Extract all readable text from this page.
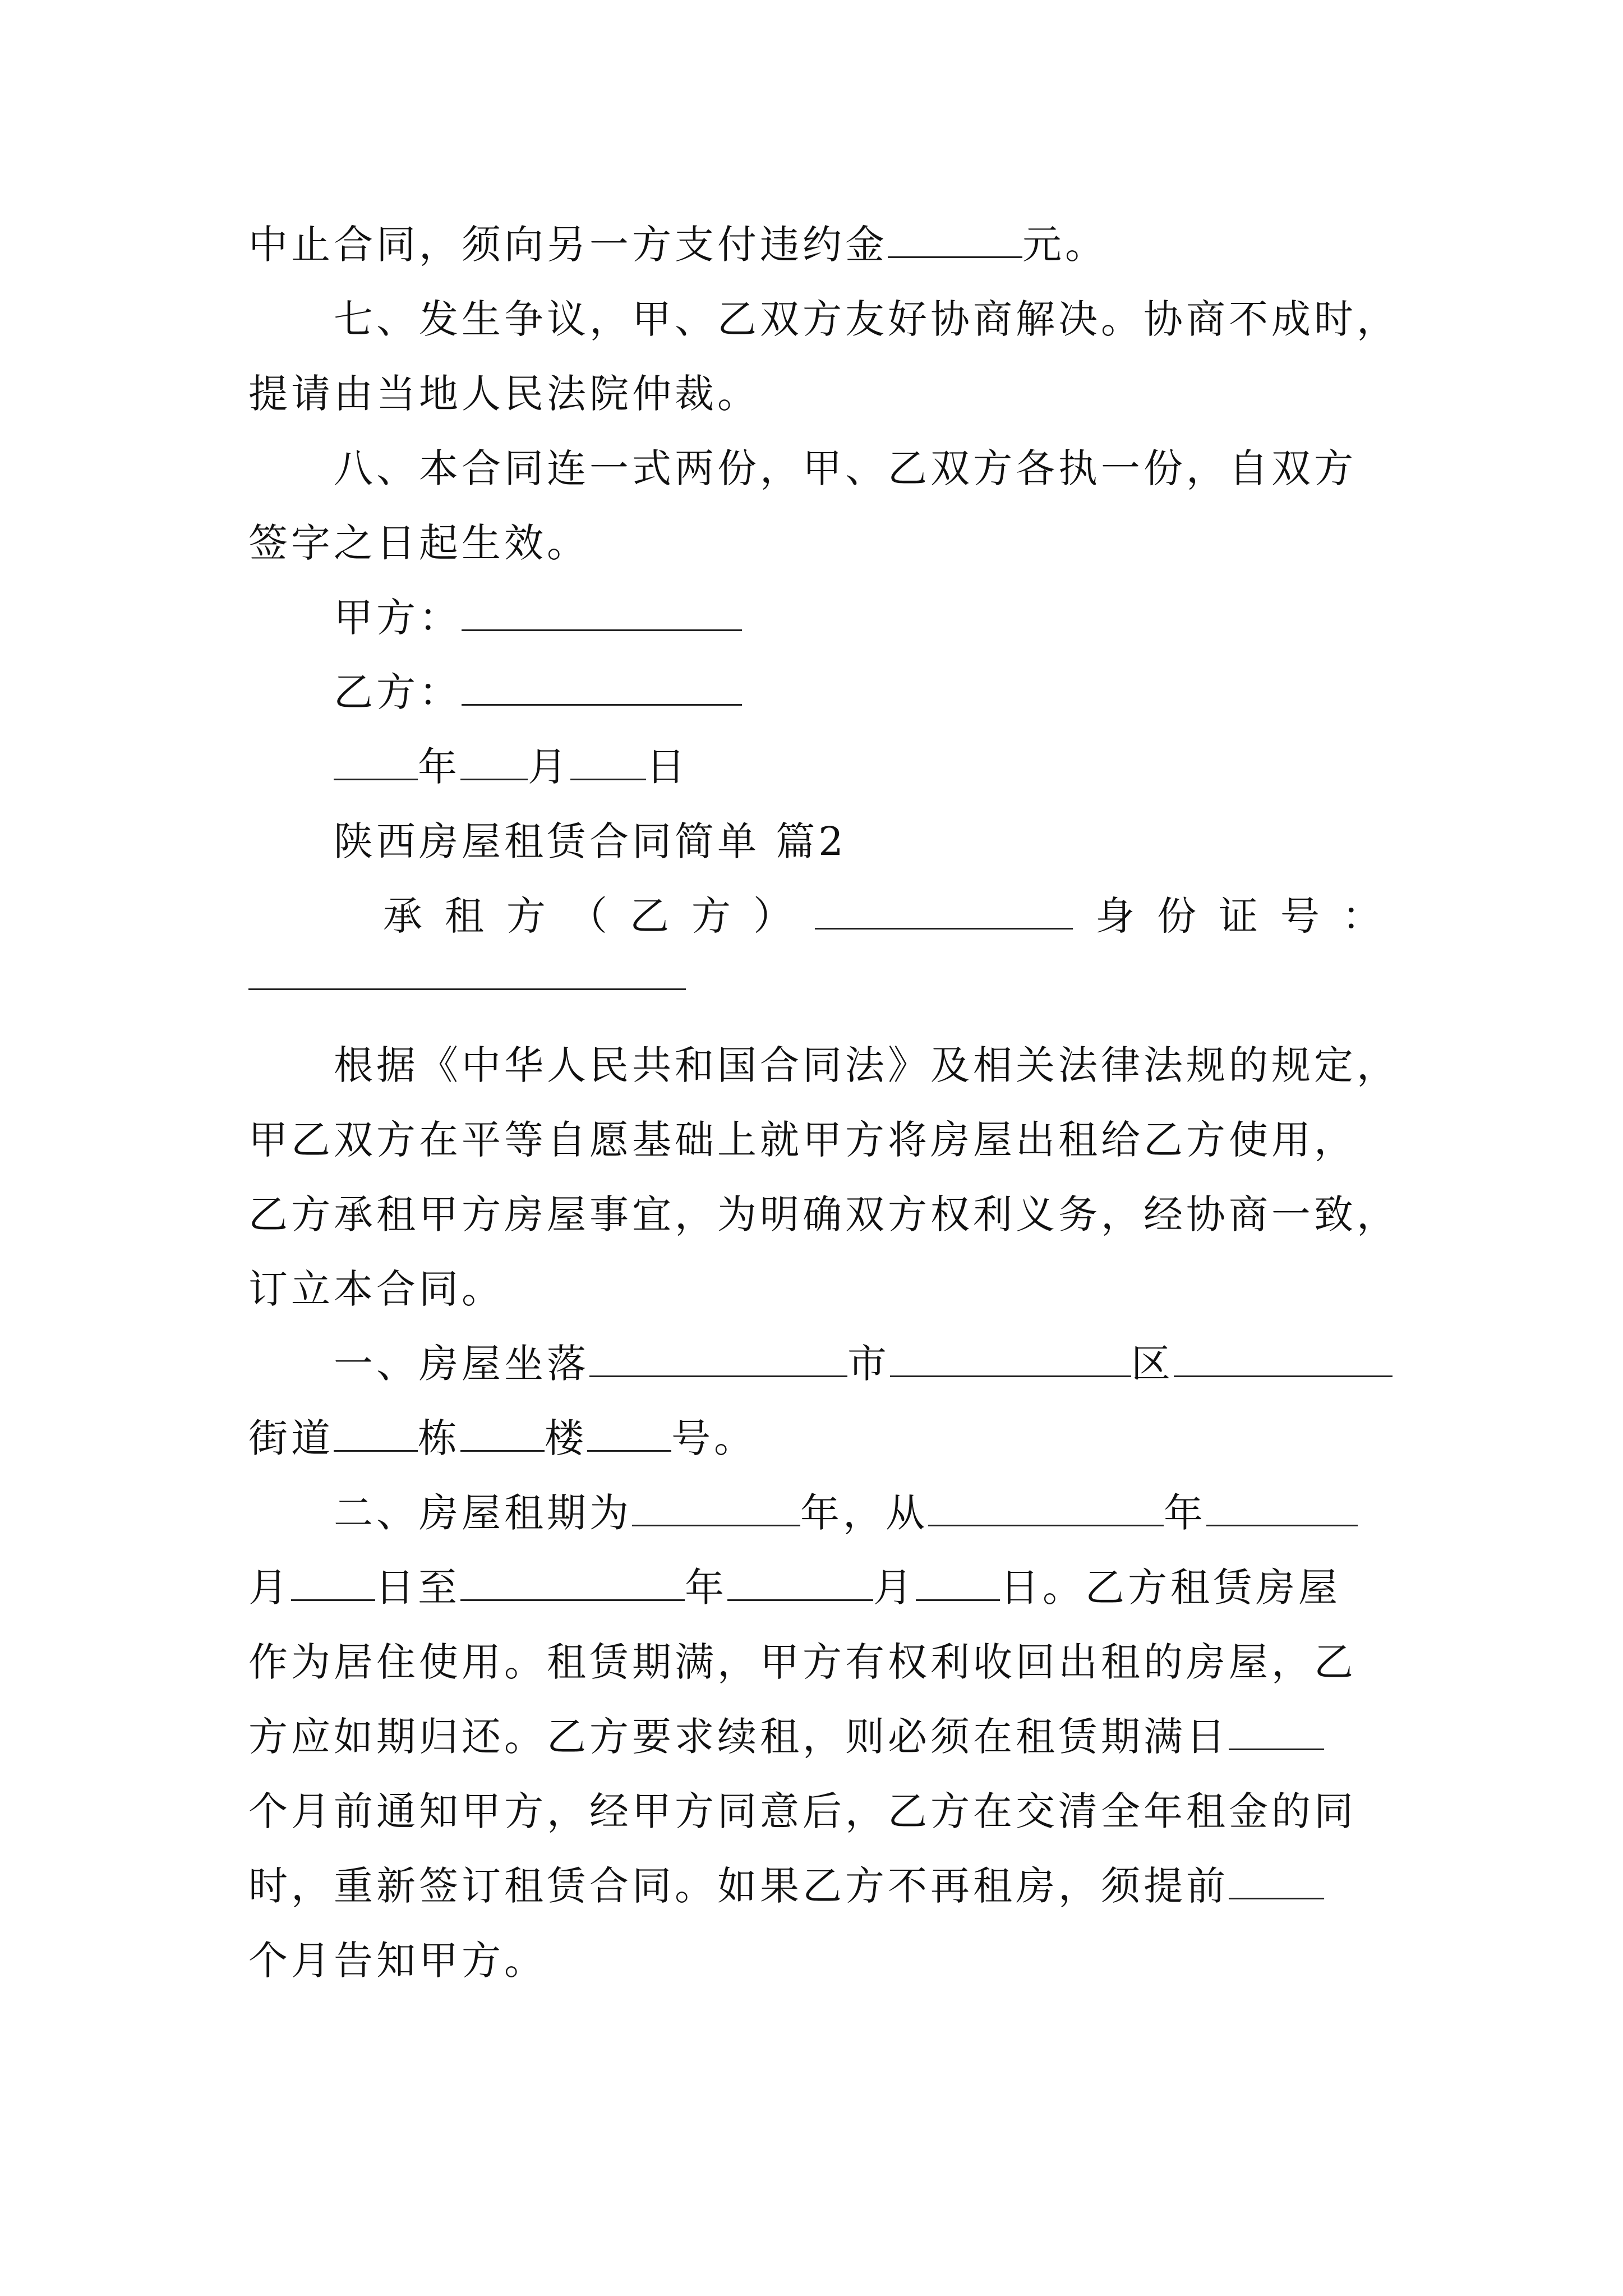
中止合同，须向另一方支付违约金	元。

七、发生争议，甲、乙双方友好协商解决。协商不成时，

提请由当地人民法院仲裁。

八、本合同连一式两份，甲、乙双方各执一份，自双方

签字之日起生效。

甲方：

乙方：

年 月 日

陕西房屋租赁合同简单 篇2

承租方（乙方）	身份证号：

根据《中华人民共和国合同法》及相关法律法规的规定，

甲乙双方在平等自愿基础上就甲方将房屋出租给乙方使用，

乙方承租甲方房屋事宜，为明确双方权利义务，经协商一致，

订立本合同。

一、房屋坐落	市	区

街道 栋 楼 号。

二、房屋租期为	年，从	年

月 日至	年	月 日。乙方租赁房屋

作为居住使用。租赁期满，甲方有权利收回出租的房屋，乙

方应如期归还。乙方要求续租，则必须在租赁期满日

个月前通知甲方，经甲方同意后，乙方在交清全年租金的同

时，重新签订租赁合同。如果乙方不再租房，须提前

个月告知甲方。
